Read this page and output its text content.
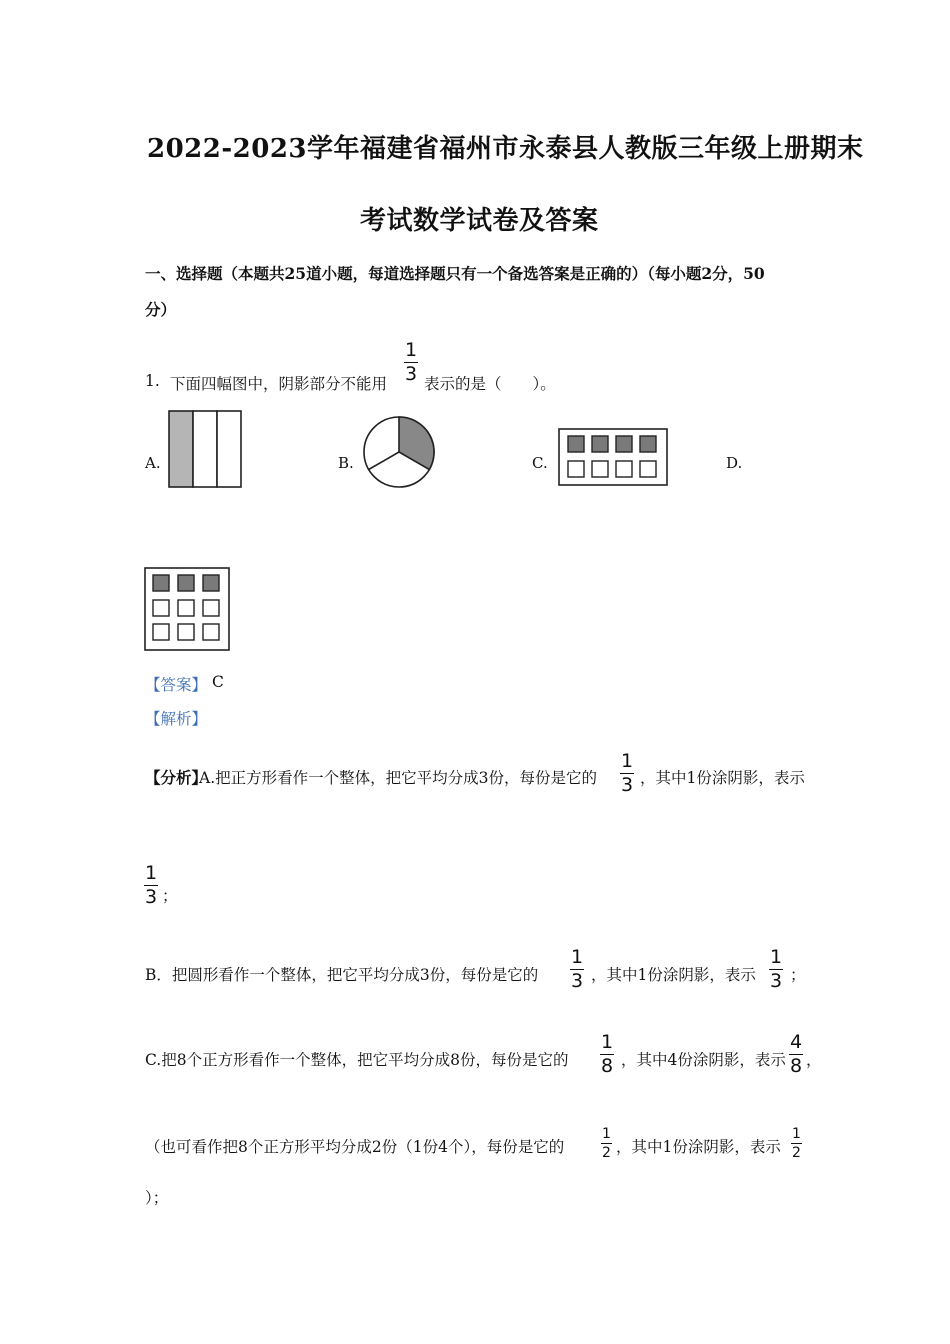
2022-2023学年福建省福州市永泰县人教版三年级上册期末
考试数学试卷及答案
一、选择题（本题共25道小题，每道选择题只有一个备选答案是正确的）（每小题2分，50
分）
1. 下面四幅图中，阴影部分不能用
1
3 表示的是（　　）。
A.	B.	C.	D.
【答案】 C
【解析】
【分析】
A.把正方形看作一个整体，把它平均分成3份，每份是它的
1
3 ，其中1份涂阴影，表示
1
3 ；
B．把圆形看作一个整体，把它平均分成3份，每份是它的
1
3 ，其中1份涂阴影，表示
1
3 ；
C.把8个正方形看作一个整体，把它平均分成8份，每份是它的
1
8 ，其中4份涂阴影，表示
4
8 ，
（也可看作把8个正方形平均分成2份（1份4个），每份是它的
1
2 ，其中1份涂阴影，表示
1
2
）；
